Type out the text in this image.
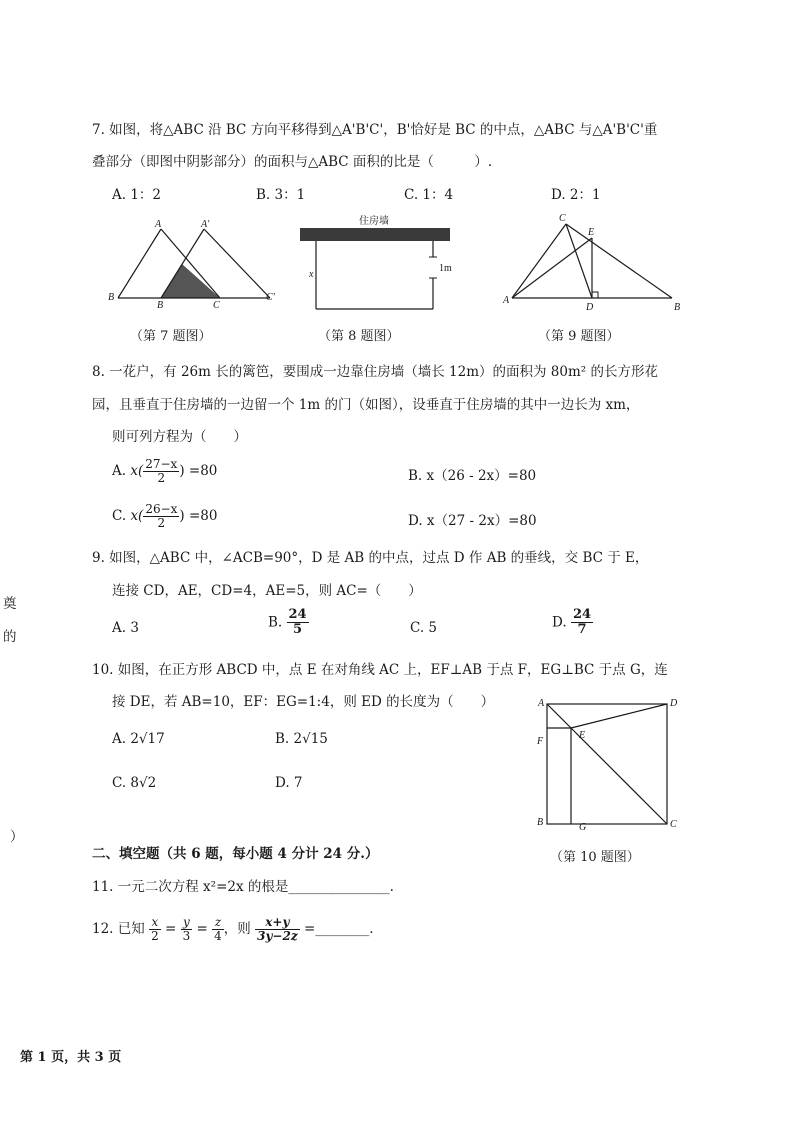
7. 如图，将△ABC 沿 BC 方向平移得到△A'B'C'，B'恰好是 BC 的中点，△ABC 与△A'B'C'重
叠部分（即图中阴影部分）的面积与△ABC 面积的比是（　　　）.
A. 1：2	B. 3：1	C. 1：4	D. 2：1
A	A'
B
B	C
C'
（第 7 题图）
住房墙
1m
x
（第 8 题图）
C
E
A
D	B
（第 9 题图）
8. 一花户，有 26m 长的篱笆，要围成一边靠住房墙（墙长 12m）的面积为 80m² 的长方形花
园，且垂直于住房墙的一边留一个 1m 的门（如图），设垂直于住房墙的其中一边长为 xm，
则可列方程为（　　）
A. $x( \frac{27-x}{2}$ ) =80	B. x（26 - 2x）=80
C. $x( \frac{26-x}{2}$ ) =80	D. x（27 - 2x）=80
9. 如图，△ABC 中，∠ACB=90°，D 是 AB 的中点，过点 D 作 AB 的垂线，交 BC 于 E，
连接 CD，AE，CD=4，AE=5，则 AC=（　　）
A. 3	B. $\frac{24}{5}$	C. 5	D. $\frac{24}{7}$
10. 如图，在正方形 ABCD 中，点 E 在对角线 AC 上，EF⊥AB 于点 F，EG⊥BC 于点 G，连
接 DE，若 AB=10，EF：EG=1:4，则 ED 的长度为（　　）
A. 2√17	B. 2√15
C. 8√2	D. 7
A	D
F
E
B	G	C
（第 10 题图）
二、填空题（共 6 题，每小题 4 分计 24 分.）
11. 一元二次方程 x²=2x 的根是_______________.
12. 已知 $\frac{x}{2} = \frac{y}{3} = \frac{z}{4}$ ，则 $\frac{x+y}{3y-2z}$ =________.
奠
的
）
第 1 页，共 3 页
